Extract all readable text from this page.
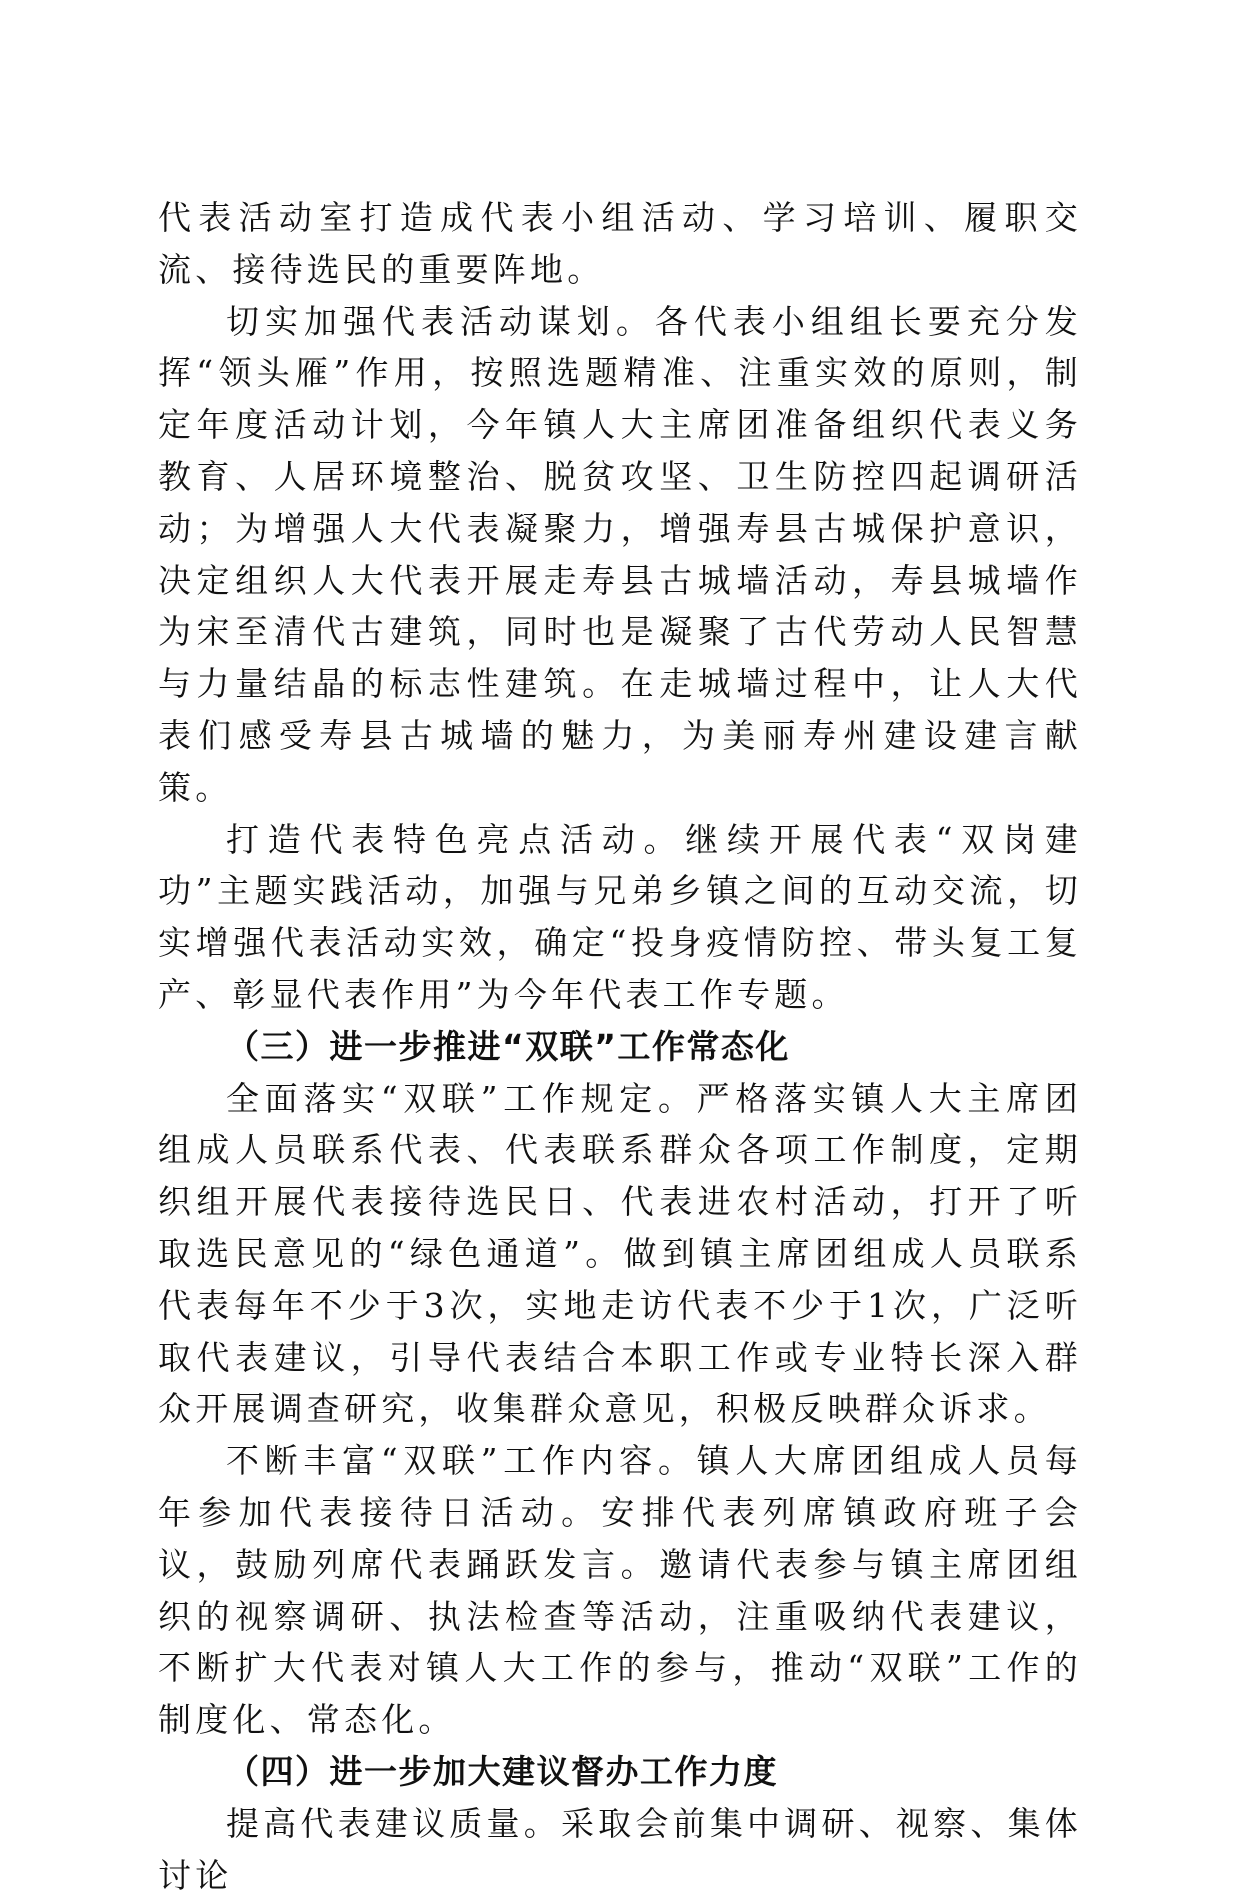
代表活动室打造成代表小组活动、学习培训、履职交流、接待选民的重要阵地。

切实加强代表活动谋划。各代表小组组长要充分发挥“领头雁”作用，按照选题精准、注重实效的原则，制定年度活动计划，今年镇人大主席团准备组织代表义务教育、人居环境整治、脱贫攻坚、卫生防控四起调研活动；为增强人大代表凝聚力，增强寿县古城保护意识，决定组织人大代表开展走寿县古城墙活动，寿县城墙作为宋至清代古建筑，同时也是凝聚了古代劳动人民智慧与力量结晶的标志性建筑。在走城墙过程中，让人大代表们感受寿县古城墙的魅力，为美丽寿州建设建言献策。

打造代表特色亮点活动。继续开展代表“双岗建功”主题实践活动，加强与兄弟乡镇之间的互动交流，切实增强代表活动实效，确定“投身疫情防控、带头复工复产、彰显代表作用”为今年代表工作专题。

（三）进一步推进“双联”工作常态化

全面落实“双联”工作规定。严格落实镇人大主席团组成人员联系代表、代表联系群众各项工作制度，定期织组开展代表接待选民日、代表进农村活动，打开了听取选民意见的“绿色通道”。做到镇主席团组成人员联系代表每年不少于3次，实地走访代表不少于1次，广泛听取代表建议，引导代表结合本职工作或专业特长深入群众开展调查研究，收集群众意见，积极反映群众诉求。

不断丰富“双联”工作内容。镇人大席团组成人员每年参加代表接待日活动。安排代表列席镇政府班子会议，鼓励列席代表踊跃发言。邀请代表参与镇主席团组织的视察调研、执法检查等活动，注重吸纳代表建议，不断扩大代表对镇人大工作的参与，推动“双联”工作的制度化、常态化。

（四）进一步加大建议督办工作力度

提高代表建议质量。采取会前集中调研、视察、集体讨论
